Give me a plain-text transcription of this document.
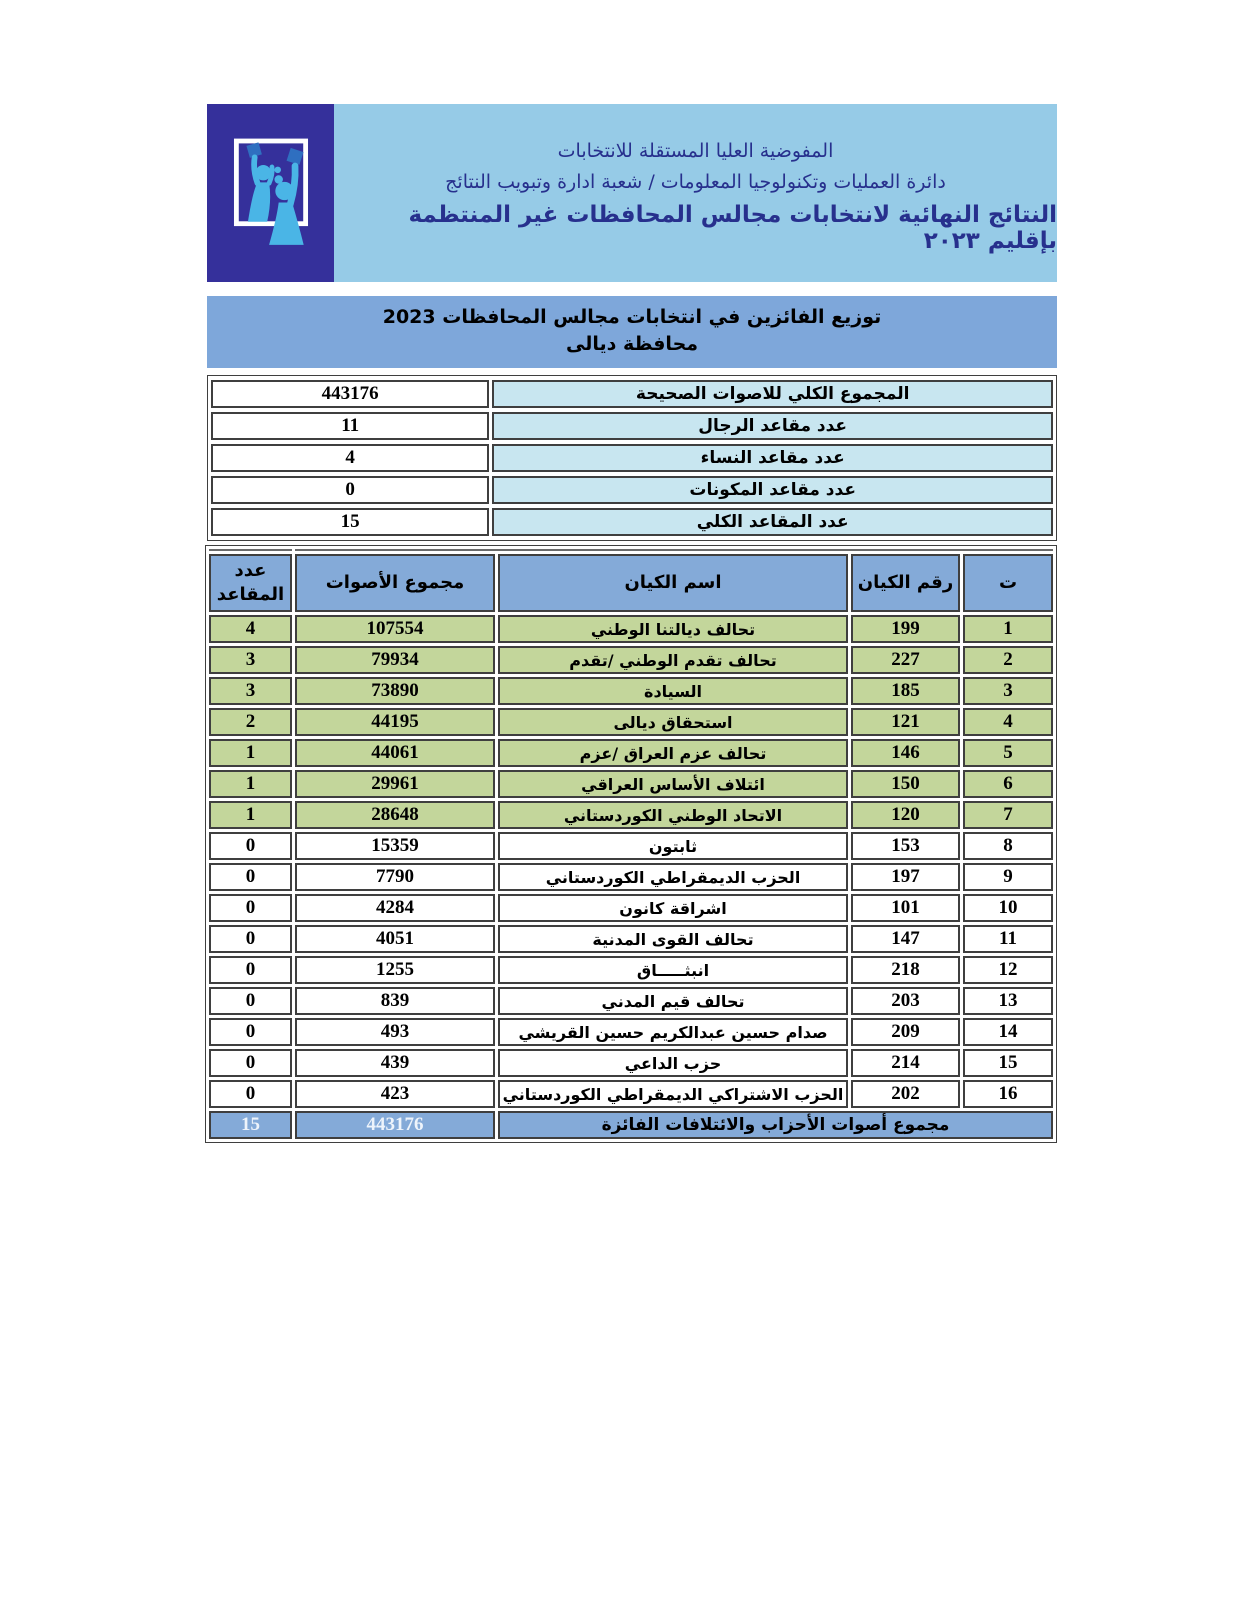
المفوضية العليا المستقلة للانتخابات
دائرة العمليات وتكنولوجيا المعلومات / شعبة ادارة وتبويب النتائج
النتائج النهائية لانتخابات مجالس المحافظات غير المنتظمة بإقليم ٢٠٢٣
توزيع الفائزين في انتخابات مجالس المحافظات 2023
محافظة ديالى
المجموع الكلي للاصوات الصحيحة	443176
عدد مقاعد الرجال	11
عدد مقاعد النساء	4
عدد مقاعد المكونات	0
عدد المقاعد الكلي	15

ت	رقم الكيان	اسم الكيان	مجموع الأصوات	عدد المقاعد
1	199	تحالف ديالتنا الوطني	107554	4
2	227	تحالف تقدم الوطني /تقدم	79934	3
3	185	السيادة	73890	3
4	121	استحقاق ديالى	44195	2
5	146	تحالف عزم العراق /عزم	44061	1
6	150	ائتلاف الأساس العراقي	29961	1
7	120	الاتحاد الوطني الكوردستاني	28648	1
8	153	ثابتون	15359	0
9	197	الحزب الديمقراطي الكوردستاني	7790	0
10	101	اشراقة كانون	4284	0
11	147	تحالف القوى المدنية	4051	0
12	218	انبثـــــاق	1255	0
13	203	تحالف قيم المدني	839	0
14	209	صدام حسين عبدالكريم حسين القريشي	493	0
15	214	حزب الداعي	439	0
16	202	الحزب الاشتراكي الديمقراطي الكوردستاني	423	0
مجموع أصوات الأحزاب والائتلافات الفائزة			443176	15
